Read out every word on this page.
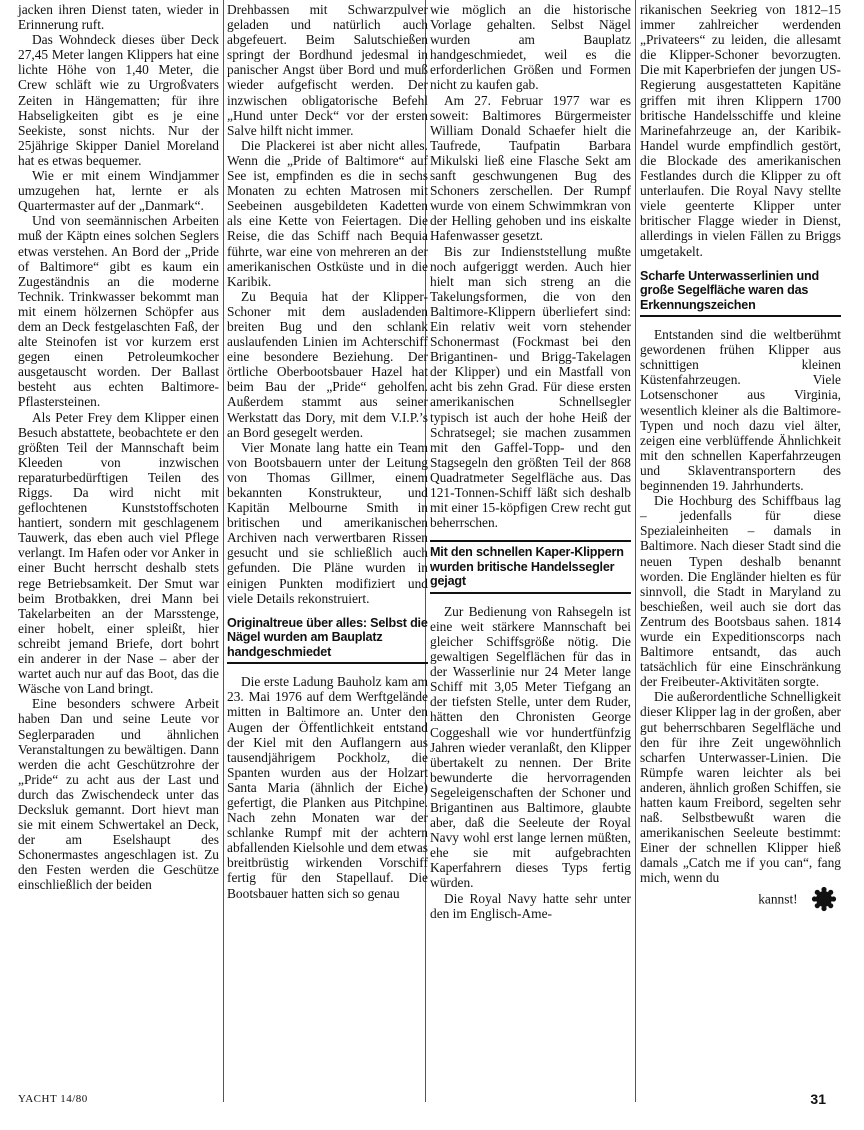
jacken ihren Dienst taten, wieder in Erinnerung ruft.

Das Wohndeck dieses über Deck 27,45 Meter langen Klippers hat eine lichte Höhe von 1,40 Meter, die Crew schläft wie zu Urgroßvaters Zeiten in Hängematten; für ihre Habseligkeiten gibt es je eine Seekiste, sonst nichts. Nur der 25jährige Skipper Daniel Moreland hat es etwas bequemer.

Wie er mit einem Windjammer umzugehen hat, lernte er als Quartermaster auf der „Danmark“.

Und von seemännischen Arbeiten muß der Käptn eines solchen Seglers etwas verstehen. An Bord der „Pride of Baltimore“ gibt es kaum ein Zugeständnis an die moderne Technik. Trinkwasser bekommt man mit einem hölzernen Schöpfer aus dem an Deck festgelaschten Faß, der alte Steinofen ist vor kurzem erst gegen einen Petroleumkocher ausgetauscht worden. Der Ballast besteht aus echten Baltimore-Pflastersteinen.

Als Peter Frey dem Klipper einen Besuch abstattete, beobachtete er den größten Teil der Mannschaft beim Kleeden von inzwischen reparaturbedürftigen Teilen des Riggs. Da wird nicht mit geflochtenen Kunststoffschoten hantiert, sondern mit geschlagenem Tauwerk, das eben auch viel Pflege verlangt. Im Hafen oder vor Anker in einer Bucht herrscht deshalb stets rege Betriebsamkeit. Der Smut war beim Brotbakken, drei Mann bei Takelarbeiten an der Marsstenge, einer hobelt, einer spleißt, hier schreibt jemand Briefe, dort bohrt ein anderer in der Nase – aber der wartet auch nur auf das Boot, das die Wäsche von Land bringt.

Eine besonders schwere Arbeit haben Dan und seine Leute vor Seglerparaden und ähnlichen Veranstaltungen zu bewältigen. Dann werden die acht Geschützrohre der „Pride“ zu acht aus der Last und durch das Zwischendeck unter das Decksluk gemannt. Dort hievt man sie mit einem Schwertakel an Deck, der am Eselshaupt des Schonermastes angeschlagen ist. Zu den Festen werden die Geschütze einschließlich der beiden

Drehbassen mit Schwarzpulver geladen und natürlich auch abgefeuert. Beim Salutschießen springt der Bordhund jedesmal in panischer Angst über Bord und muß wieder aufgefischt werden. Der inzwischen obligatorische Befehl „Hund unter Deck“ vor der ersten Salve hilft nicht immer.

Die Plackerei ist aber nicht alles. Wenn die „Pride of Baltimore“ auf See ist, empfinden es die in sechs Monaten zu echten Matrosen mit Seebeinen ausgebildeten Kadetten als eine Kette von Feiertagen. Die Reise, die das Schiff nach Bequia führte, war eine von mehreren an der amerikanischen Ostküste und in die Karibik.

Zu Bequia hat der Klipper-Schoner mit dem ausladenden breiten Bug und den schlank auslaufenden Linien im Achterschiff eine besondere Beziehung. Der örtliche Oberbootsbauer Hazel hat beim Bau der „Pride“ geholfen. Außerdem stammt aus seiner Werkstatt das Dory, mit dem V.I.P.’s an Bord gesegelt werden.

Vier Monate lang hatte ein Team von Bootsbauern unter der Leitung von Thomas Gillmer, einem bekannten Konstrukteur, und Kapitän Melbourne Smith in britischen und amerikanischen Archiven nach verwertbaren Rissen gesucht und sie schließlich auch gefunden. Die Pläne wurden in einigen Punkten modifiziert und viele Details rekonstruiert.

Originaltreue über alles: Selbst die Nägel wurden am Bauplatz handgeschmiedet

Die erste Ladung Bauholz kam am 23. Mai 1976 auf dem Werftgelände mitten in Baltimore an. Unter den Augen der Öffentlichkeit entstand der Kiel mit den Auflangern aus tausendjährigem Pockholz, die Spanten wurden aus der Holzart Santa Maria (ähnlich der Eiche) gefertigt, die Planken aus Pitchpine. Nach zehn Monaten war der schlanke Rumpf mit der achtern abfallenden Kielsohle und dem etwas breitbrüstig wirkenden Vorschiff fertig für den Stapellauf. Die Bootsbauer hatten sich so genau

wie möglich an die historische Vorlage gehalten. Selbst Nägel wurden am Bauplatz handgeschmiedet, weil es die erforderlichen Größen und Formen nicht zu kaufen gab.

Am 27. Februar 1977 war es soweit: Baltimores Bürgermeister William Donald Schaefer hielt die Taufrede, Taufpatin Barbara Mikulski ließ eine Flasche Sekt am sanft geschwungenen Bug des Schoners zerschellen. Der Rumpf wurde von einem Schwimmkran von der Helling gehoben und ins eiskalte Hafenwasser gesetzt.

Bis zur Indienststellung mußte noch aufgeriggt werden. Auch hier hielt man sich streng an die Takelungsformen, die von den Baltimore-Klippern überliefert sind: Ein relativ weit vorn stehender Schonermast (Fockmast bei den Brigantinen- und Brigg-Takelagen der Klipper) und ein Mastfall von acht bis zehn Grad. Für diese ersten amerikanischen Schnellsegler typisch ist auch der hohe Heiß der Schratsegel; sie machen zusammen mit den Gaffel-Topp- und den Stagsegeln den größten Teil der 868 Quadratmeter Segelfläche aus. Das 121-Tonnen-Schiff läßt sich deshalb mit einer 15-köpfigen Crew recht gut beherrschen.

Mit den schnellen Kaper-Klippern wurden britische Handelssegler gejagt

Zur Bedienung von Rahsegeln ist eine weit stärkere Mannschaft bei gleicher Schiffsgröße nötig. Die gewaltigen Segelflächen für das in der Wasserlinie nur 24 Meter lange Schiff mit 3,05 Meter Tiefgang an der tiefsten Stelle, unter dem Ruder, hätten den Chronisten George Coggeshall wie vor hundertfünfzig Jahren wieder veranlaßt, den Klipper übertakelt zu nennen. Der Brite bewunderte die hervorragenden Segeleigenschaften der Schoner und Brigantinen aus Baltimore, glaubte aber, daß die Seeleute der Royal Navy wohl erst lange lernen müßten, ehe sie mit aufgebrachten Kaperfahrern dieses Typs fertig würden.

Die Royal Navy hatte sehr unter den im Englisch-Ame-

rikanischen Seekrieg von 1812–15 immer zahlreicher werdenden „Privateers“ zu leiden, die allesamt die Klipper-Schoner bevorzugten. Die mit Kaperbriefen der jungen US-Regierung ausgestatteten Kapitäne griffen mit ihren Klippern 1700 britische Handelsschiffe und kleine Marinefahrzeuge an, der Karibik-Handel wurde empfindlich gestört, die Blockade des amerikanischen Festlandes durch die Klipper zu oft unterlaufen. Die Royal Navy stellte viele geenterte Klipper unter britischer Flagge wieder in Dienst, allerdings in vielen Fällen zu Briggs umgetakelt.

Scharfe Unterwasserlinien und große Segelfläche waren das Erkennungszeichen

Entstanden sind die weltberühmt gewordenen frühen Klipper aus schnittigen kleinen Küstenfahrzeugen. Viele Lotsenschoner aus Virginia, wesentlich kleiner als die Baltimore-Typen und noch dazu viel älter, zeigen eine verblüffende Ähnlichkeit mit den schnellen Kaperfahrzeugen und Sklaventransportern des beginnenden 19. Jahrhunderts.

Die Hochburg des Schiffbaus lag – jedenfalls für diese Spezialeinheiten – damals in Baltimore. Nach dieser Stadt sind die neuen Typen deshalb benannt worden. Die Engländer hielten es für sinnvoll, die Stadt in Maryland zu beschießen, weil auch sie dort das Zentrum des Bootsbaus sahen. 1814 wurde ein Expeditionscorps nach Baltimore entsandt, das auch tatsächlich für eine Einschränkung der Freibeuter-Aktivitäten sorgte.

Die außerordentliche Schnelligkeit dieser Klipper lag in der großen, aber gut beherrschbaren Segelfläche und den für ihre Zeit ungewöhnlich scharfen Unterwasser-Linien. Die Rümpfe waren leichter als bei anderen, ähnlich großen Schiffen, sie hatten kaum Freibord, segelten sehr naß. Selbstbewußt waren die amerikanischen Seeleute bestimmt: Einer der schnellen Klipper hieß damals „Catch me if you can“, fang mich, wenn du

kannst!
YACHT 14/80	31
